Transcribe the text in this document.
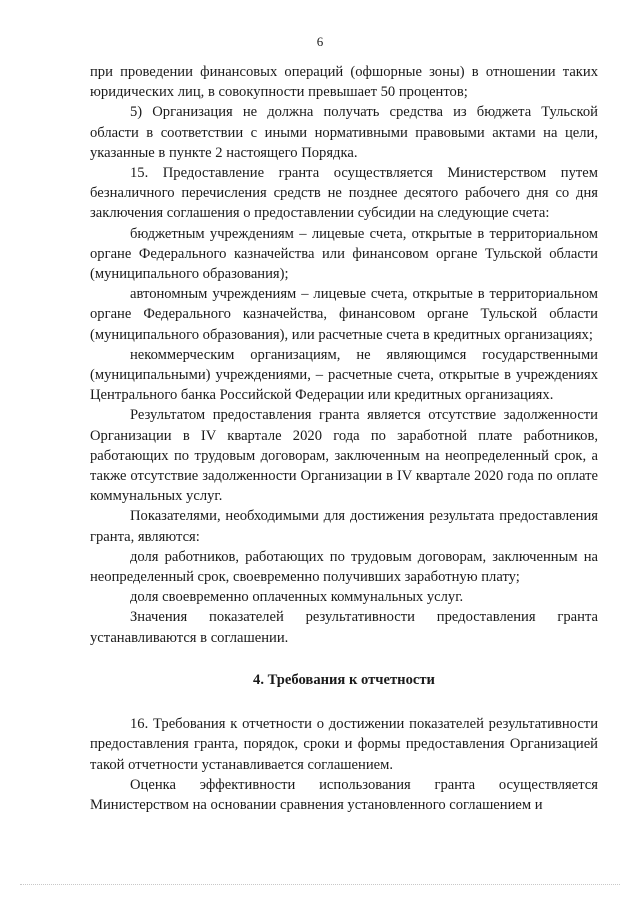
6

при проведении финансовых операций (офшорные зоны) в отношении таких юридических лиц, в совокупности превышает 50 процентов;

5) Организация не должна получать средства из бюджета Тульской области в соответствии с иными нормативными правовыми актами на цели, указанные в пункте 2 настоящего Порядка.

15. Предоставление гранта осуществляется Министерством путем безналичного перечисления средств не позднее десятого рабочего дня со дня заключения соглашения о предоставлении субсидии на следующие счета:

бюджетным учреждениям – лицевые счета, открытые в территориальном органе Федерального казначейства или финансовом органе Тульской области (муниципального образования);

автономным учреждениям – лицевые счета, открытые в территориальном органе Федерального казначейства, финансовом органе Тульской области (муниципального образования), или расчетные счета в кредитных организациях;

некоммерческим организациям, не являющимся государственными (муниципальными) учреждениями, – расчетные счета, открытые в учреждениях Центрального банка Российской Федерации или кредитных организациях.

Результатом предоставления гранта является отсутствие задолженности Организации в IV квартале 2020 года по заработной плате работников, работающих по трудовым договорам, заключенным на неопределенный срок, а также отсутствие задолженности Организации в IV квартале 2020 года по оплате коммунальных услуг.

Показателями, необходимыми для достижения результата предоставления гранта, являются:

доля работников, работающих по трудовым договорам, заключенным на неопределенный срок, своевременно получивших заработную плату;

доля своевременно оплаченных коммунальных услуг.

Значения показателей результативности предоставления гранта устанавливаются в соглашении.

4. Требования к отчетности

16. Требования к отчетности о достижении показателей результативности предоставления гранта, порядок, сроки и формы предоставления Организацией такой отчетности устанавливается соглашением.

Оценка эффективности использования гранта осуществляется Министерством на основании сравнения установленного соглашением и
